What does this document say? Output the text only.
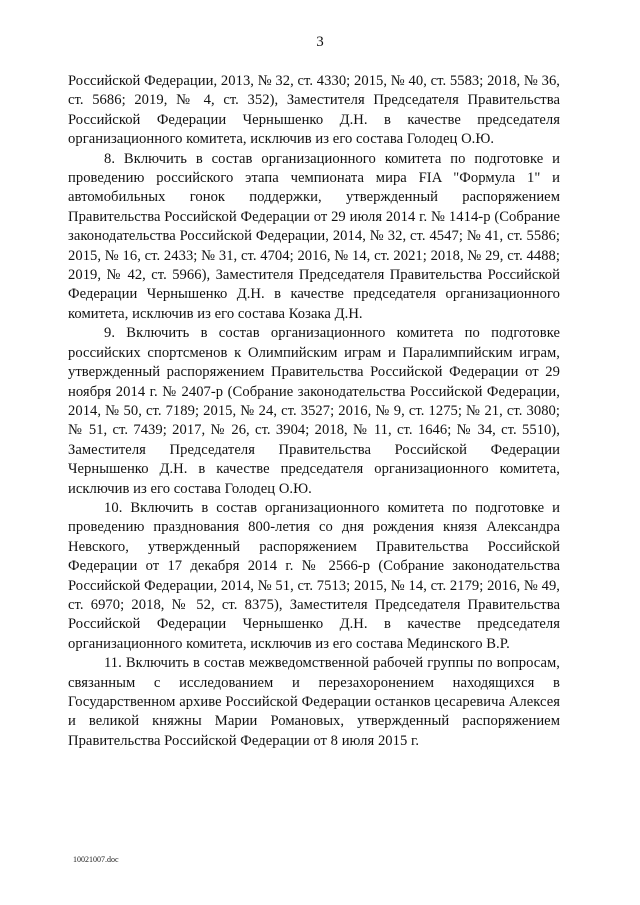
3

Российской Федерации, 2013, № 32, ст. 4330; 2015, № 40, ст. 5583; 2018, № 36, ст. 5686; 2019, № 4, ст. 352), Заместителя Председателя Правительства Российской Федерации Чернышенко Д.Н. в качестве председателя организационного комитета, исключив из его состава Голодец О.Ю.

8. Включить в состав организационного комитета по подготовке и проведению российского этапа чемпионата мира FIA "Формула 1" и автомобильных гонок поддержки, утвержденный распоряжением Правительства Российской Федерации от 29 июля 2014 г. № 1414-р (Собрание законодательства Российской Федерации, 2014, № 32, ст. 4547; № 41, ст. 5586; 2015, № 16, ст. 2433; № 31, ст. 4704; 2016, № 14, ст. 2021; 2018, № 29, ст. 4488; 2019, № 42, ст. 5966), Заместителя Председателя Правительства Российской Федерации Чернышенко Д.Н. в качестве председателя организационного комитета, исключив из его состава Козака Д.Н.

9. Включить в состав организационного комитета по подготовке российских спортсменов к Олимпийским играм и Паралимпийским играм, утвержденный распоряжением Правительства Российской Федерации от 29 ноября 2014 г. № 2407-р (Собрание законодательства Российской Федерации, 2014, № 50, ст. 7189; 2015, № 24, ст. 3527; 2016, № 9, ст. 1275; № 21, ст. 3080; № 51, ст. 7439; 2017, № 26, ст. 3904; 2018, № 11, ст. 1646; № 34, ст. 5510), Заместителя Председателя Правительства Российской Федерации Чернышенко Д.Н. в качестве председателя организационного комитета, исключив из его состава Голодец О.Ю.

10. Включить в состав организационного комитета по подготовке и проведению празднования 800-летия со дня рождения князя Александра Невского, утвержденный распоряжением Правительства Российской Федерации от 17 декабря 2014 г. № 2566-р (Собрание законодательства Российской Федерации, 2014, № 51, ст. 7513; 2015, № 14, ст. 2179; 2016, № 49, ст. 6970; 2018, № 52, ст. 8375), Заместителя Председателя Правительства Российской Федерации Чернышенко Д.Н. в качестве председателя организационного комитета, исключив из его состава Мединского В.Р.

11. Включить в состав межведомственной рабочей группы по вопросам, связанным с исследованием и перезахоронением находящихся в Государственном архиве Российской Федерации останков цесаревича Алексея и великой княжны Марии Романовых, утвержденный распоряжением Правительства Российской Федерации от 8 июля 2015 г.

10021007.doc
